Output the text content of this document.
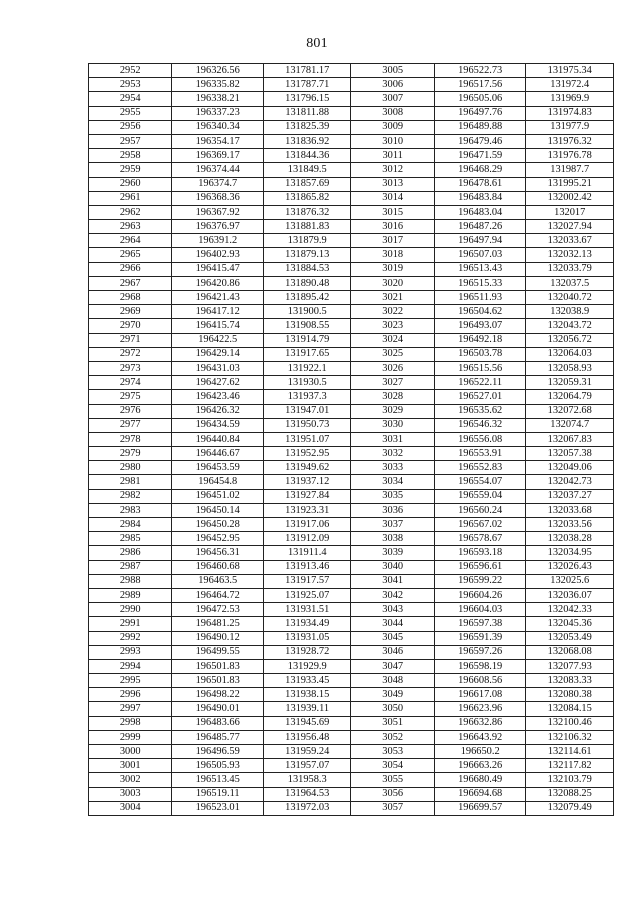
801
2952	196326.56	131781.17	3005	196522.73	131975.34
2953	196335.82	131787.71	3006	196517.56	131972.4
2954	196338.21	131796.15	3007	196505.06	131969.9
2955	196337.23	131811.88	3008	196497.76	131974.83
2956	196340.34	131825.39	3009	196489.88	131977.9
2957	196354.17	131836.92	3010	196479.46	131976.32
2958	196369.17	131844.36	3011	196471.59	131976.78
2959	196374.44	131849.5	3012	196468.29	131987.7
2960	196374.7	131857.69	3013	196478.61	131995.21
2961	196368.36	131865.82	3014	196483.84	132002.42
2962	196367.92	131876.32	3015	196483.04	132017
2963	196376.97	131881.83	3016	196487.26	132027.94
2964	196391.2	131879.9	3017	196497.94	132033.67
2965	196402.93	131879.13	3018	196507.03	132032.13
2966	196415.47	131884.53	3019	196513.43	132033.79
2967	196420.86	131890.48	3020	196515.33	132037.5
2968	196421.43	131895.42	3021	196511.93	132040.72
2969	196417.12	131900.5	3022	196504.62	132038.9
2970	196415.74	131908.55	3023	196493.07	132043.72
2971	196422.5	131914.79	3024	196492.18	132056.72
2972	196429.14	131917.65	3025	196503.78	132064.03
2973	196431.03	131922.1	3026	196515.56	132058.93
2974	196427.62	131930.5	3027	196522.11	132059.31
2975	196423.46	131937.3	3028	196527.01	132064.79
2976	196426.32	131947.01	3029	196535.62	132072.68
2977	196434.59	131950.73	3030	196546.32	132074.7
2978	196440.84	131951.07	3031	196556.08	132067.83
2979	196446.67	131952.95	3032	196553.91	132057.38
2980	196453.59	131949.62	3033	196552.83	132049.06
2981	196454.8	131937.12	3034	196554.07	132042.73
2982	196451.02	131927.84	3035	196559.04	132037.27
2983	196450.14	131923.31	3036	196560.24	132033.68
2984	196450.28	131917.06	3037	196567.02	132033.56
2985	196452.95	131912.09	3038	196578.67	132038.28
2986	196456.31	131911.4	3039	196593.18	132034.95
2987	196460.68	131913.46	3040	196596.61	132026.43
2988	196463.5	131917.57	3041	196599.22	132025.6
2989	196464.72	131925.07	3042	196604.26	132036.07
2990	196472.53	131931.51	3043	196604.03	132042.33
2991	196481.25	131934.49	3044	196597.38	132045.36
2992	196490.12	131931.05	3045	196591.39	132053.49
2993	196499.55	131928.72	3046	196597.26	132068.08
2994	196501.83	131929.9	3047	196598.19	132077.93
2995	196501.83	131933.45	3048	196608.56	132083.33
2996	196498.22	131938.15	3049	196617.08	132080.38
2997	196490.01	131939.11	3050	196623.96	132084.15
2998	196483.66	131945.69	3051	196632.86	132100.46
2999	196485.77	131956.48	3052	196643.92	132106.32
3000	196496.59	131959.24	3053	196650.2	132114.61
3001	196505.93	131957.07	3054	196663.26	132117.82
3002	196513.45	131958.3	3055	196680.49	132103.79
3003	196519.11	131964.53	3056	196694.68	132088.25
3004	196523.01	131972.03	3057	196699.57	132079.49
